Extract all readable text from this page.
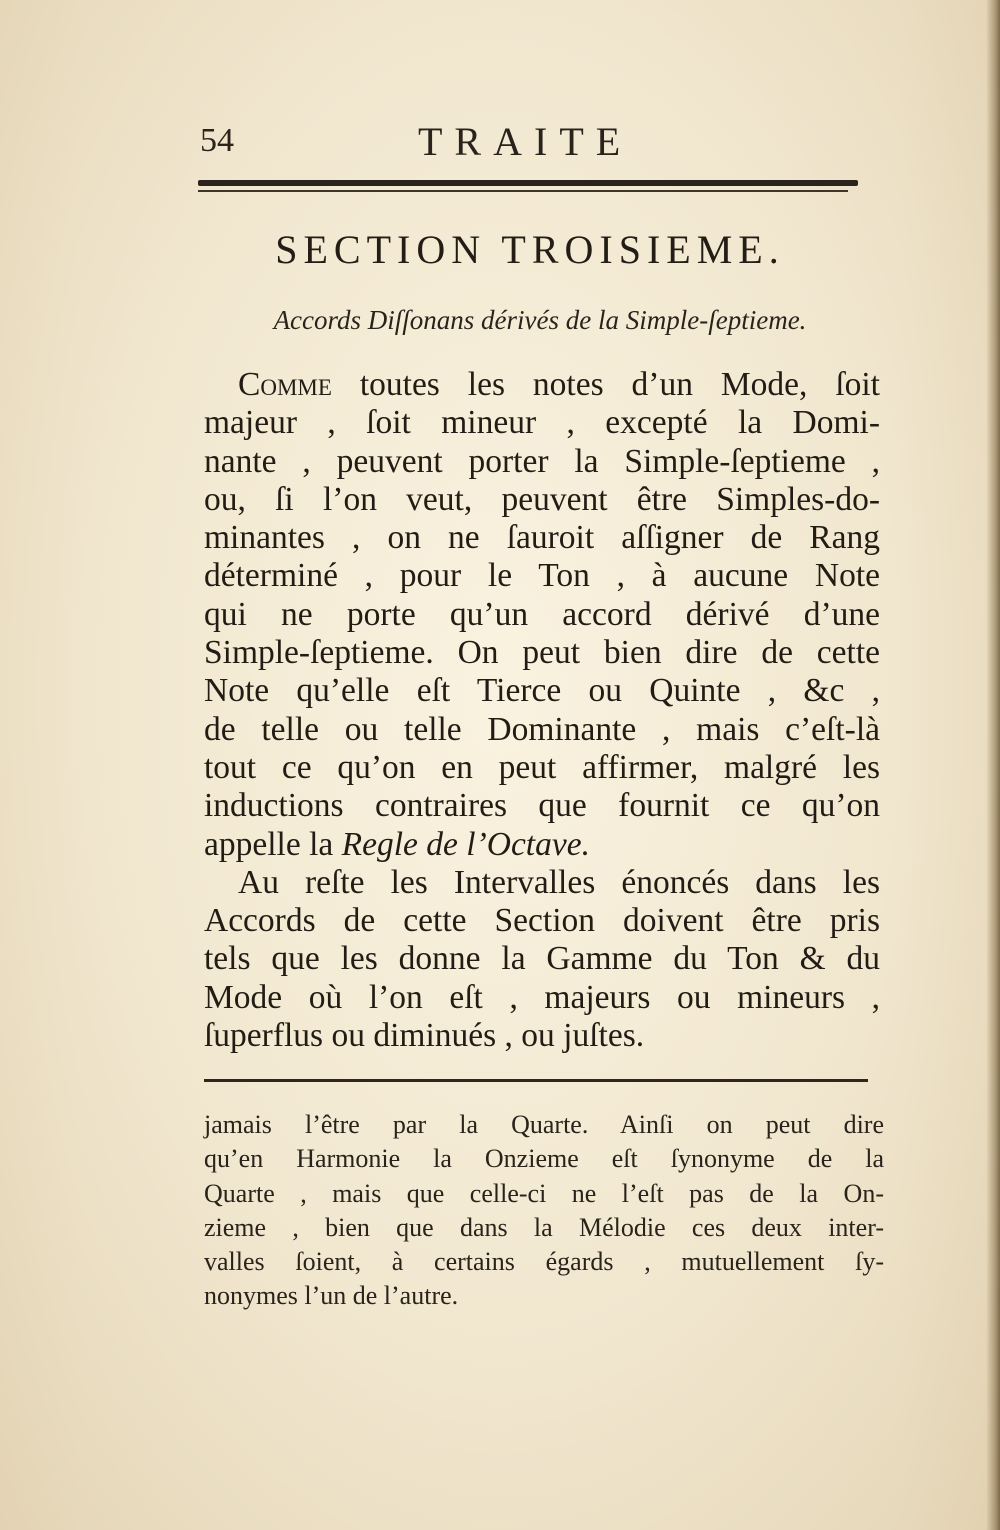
54	TRAITE
SECTION TROISIEME.
Accords Diſſonans dérivés de la Simple-ſeptieme.

Comme toutes les notes d’un Mode, ſoit
majeur , ſoit mineur , excepté la Domi-
nante , peuvent porter la Simple-ſeptieme ,
ou, ſi l’on veut, peuvent être Simples-do-
minantes , on ne ſauroit aſſigner de Rang
déterminé , pour le Ton , à aucune Note
qui ne porte qu’un accord dérivé d’une
Simple-ſeptieme. On peut bien dire de cette
Note qu’elle eſt Tierce ou Quinte , &c ,
de telle ou telle Dominante , mais c’eſt-là
tout ce qu’on en peut affirmer, malgré les
inductions contraires que fournit ce qu’on
appelle la Regle de l’Octave.

Au reſte les Intervalles énoncés dans les
Accords de cette Section doivent être pris
tels que les donne la Gamme du Ton & du
Mode où l’on eſt , majeurs ou mineurs ,
ſuperflus ou diminués , ou juſtes.

jamais l’être par la Quarte. Ainſi on peut dire
qu’en Harmonie la Onzieme eſt ſynonyme de la
Quarte , mais que celle-ci ne l’eſt pas de la On-
zieme , bien que dans la Mélodie ces deux inter-
valles ſoient, à certains égards , mutuellement ſy-
nonymes l’un de l’autre.
